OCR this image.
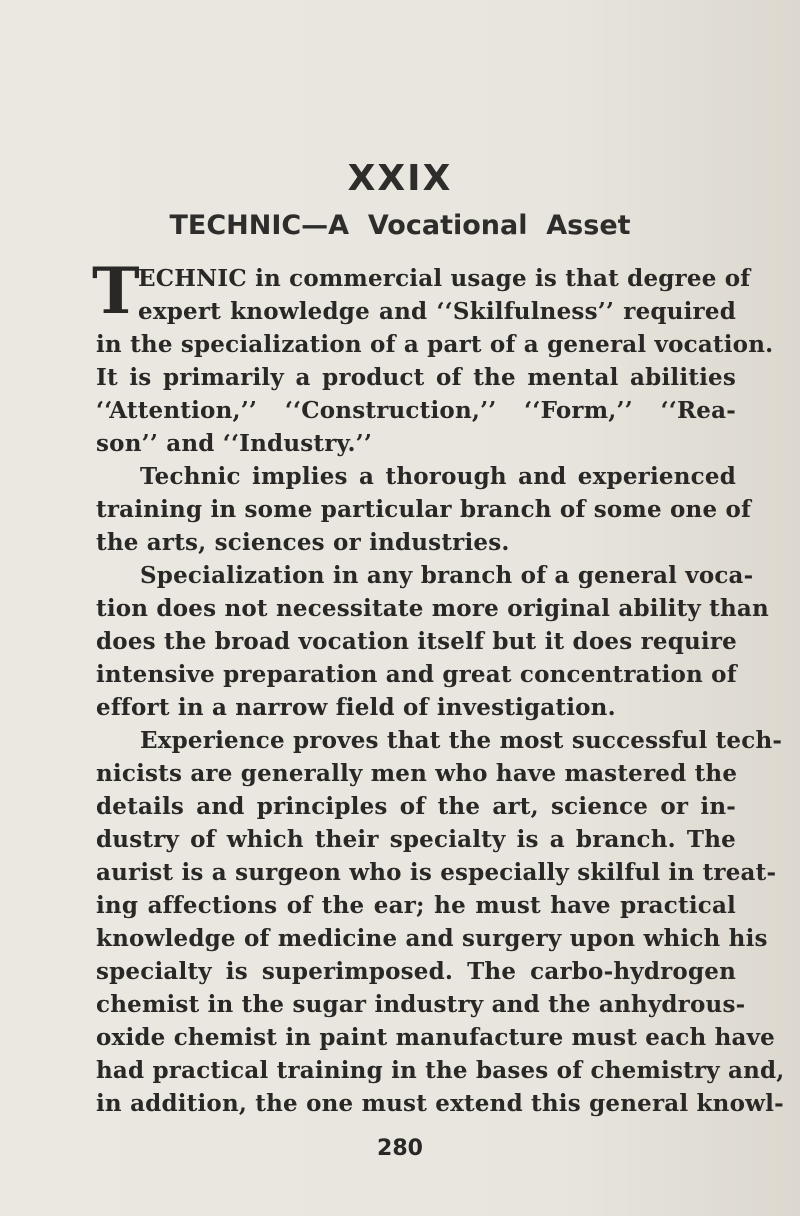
XXIX
TECHNIC—A  Vocational  Asset
T
ECHNIC in commercial usage is that degree of
expert knowledge and ‘‘Skilfulness’’ required
in the specialization of a part of a general vocation.
It is primarily a product of the mental abilities
‘‘Attention,’’ ‘‘Construction,’’ ‘‘Form,’’ ‘‘Rea-
son’’ and ‘‘Industry.’’
Technic implies a thorough and experienced
training in some particular branch of some one of
the arts, sciences or industries.
Specialization in any branch of a general voca-
tion does not necessitate more original ability than
does the broad vocation itself but it does require
intensive preparation and great concentration of
effort in a narrow field of investigation.
Experience proves that the most successful tech-
nicists are generally men who have mastered the
details and principles of the art, science or in-
dustry of which their specialty is a branch. The
aurist is a surgeon who is especially skilful in treat-
ing affections of the ear; he must have practical
knowledge of medicine and surgery upon which his
specialty is superimposed. The carbo-hydrogen
chemist in the sugar industry and the anhydrous-
oxide chemist in paint manufacture must each have
had practical training in the bases of chemistry and,
in addition, the one must extend this general knowl-
280
